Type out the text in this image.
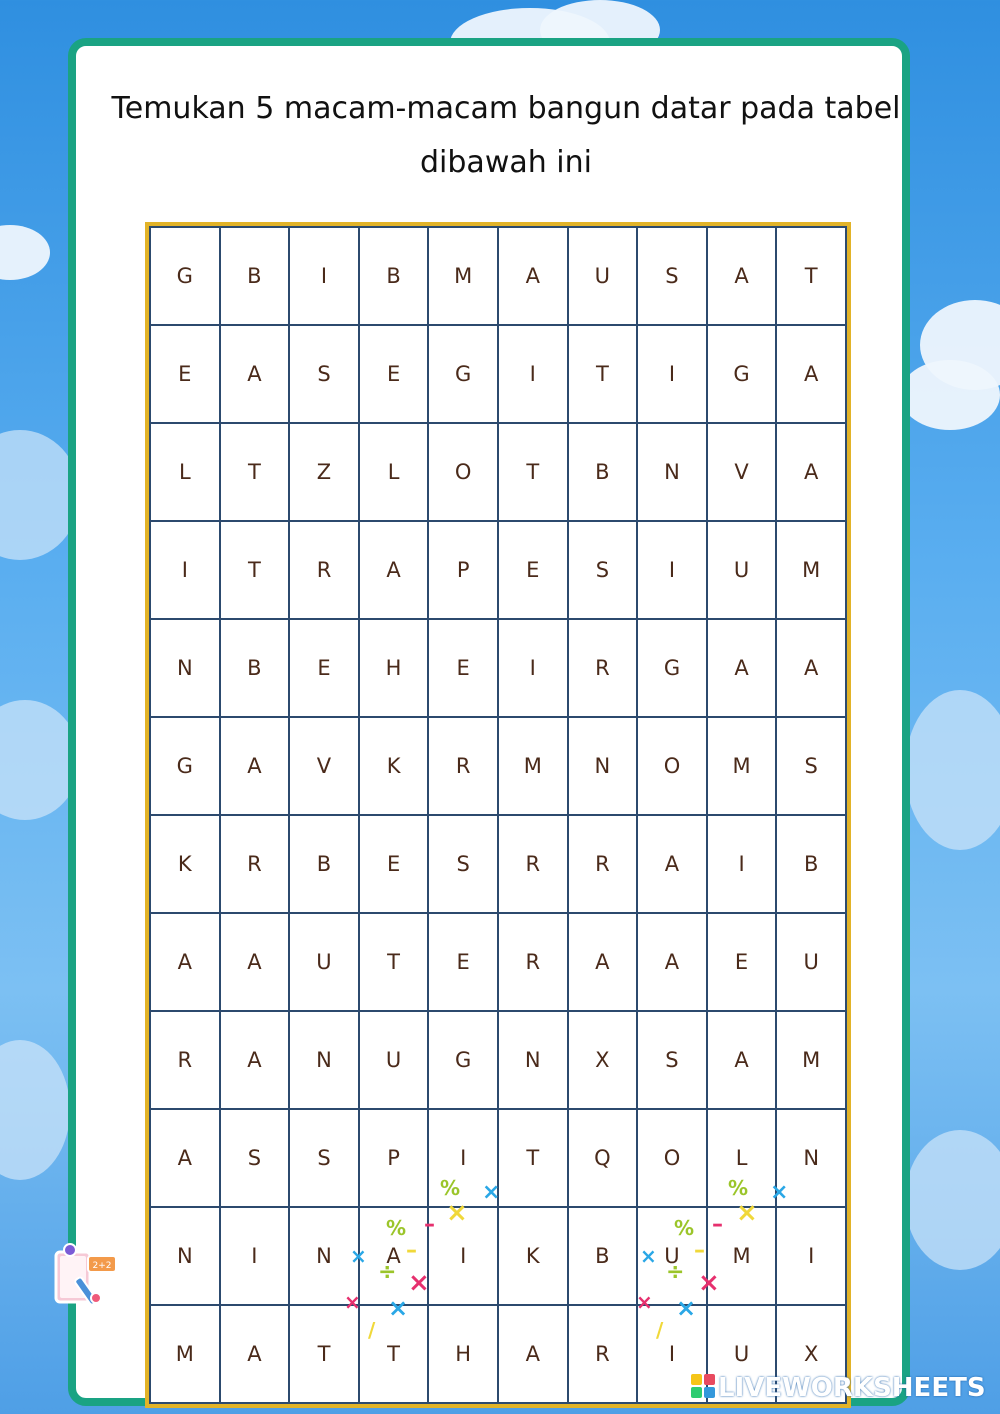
Temukan 5 macam-macam bangun datar pada tabel
dibawah ini
G	B	I	B	M	A	U	S	A	T
E	A	S	E	G	I	T	I	G	A
L	T	Z	L	O	T	B	N	V	A
I	T	R	A	P	E	S	I	U	M
N	B	E	H	E	I	R	G	A	A
G	A	V	K	R	M	N	O	M	S
K	R	B	E	S	R	R	A	I	B
A	A	U	T	E	R	A	A	E	U
R	A	N	U	G	N	X	S	A	M
A	S	S	P	I	T	Q	O	L	N
N	I	N	A	I	K	B	U	M	I
M	A	T	T	H	A	R	I	U	X
% ×
×
–
%
× –
÷ ×
× ×
/
% ×
×
–
%
× –
÷ ×
× ×
/
2+2
LIVEWORKSHEETS
